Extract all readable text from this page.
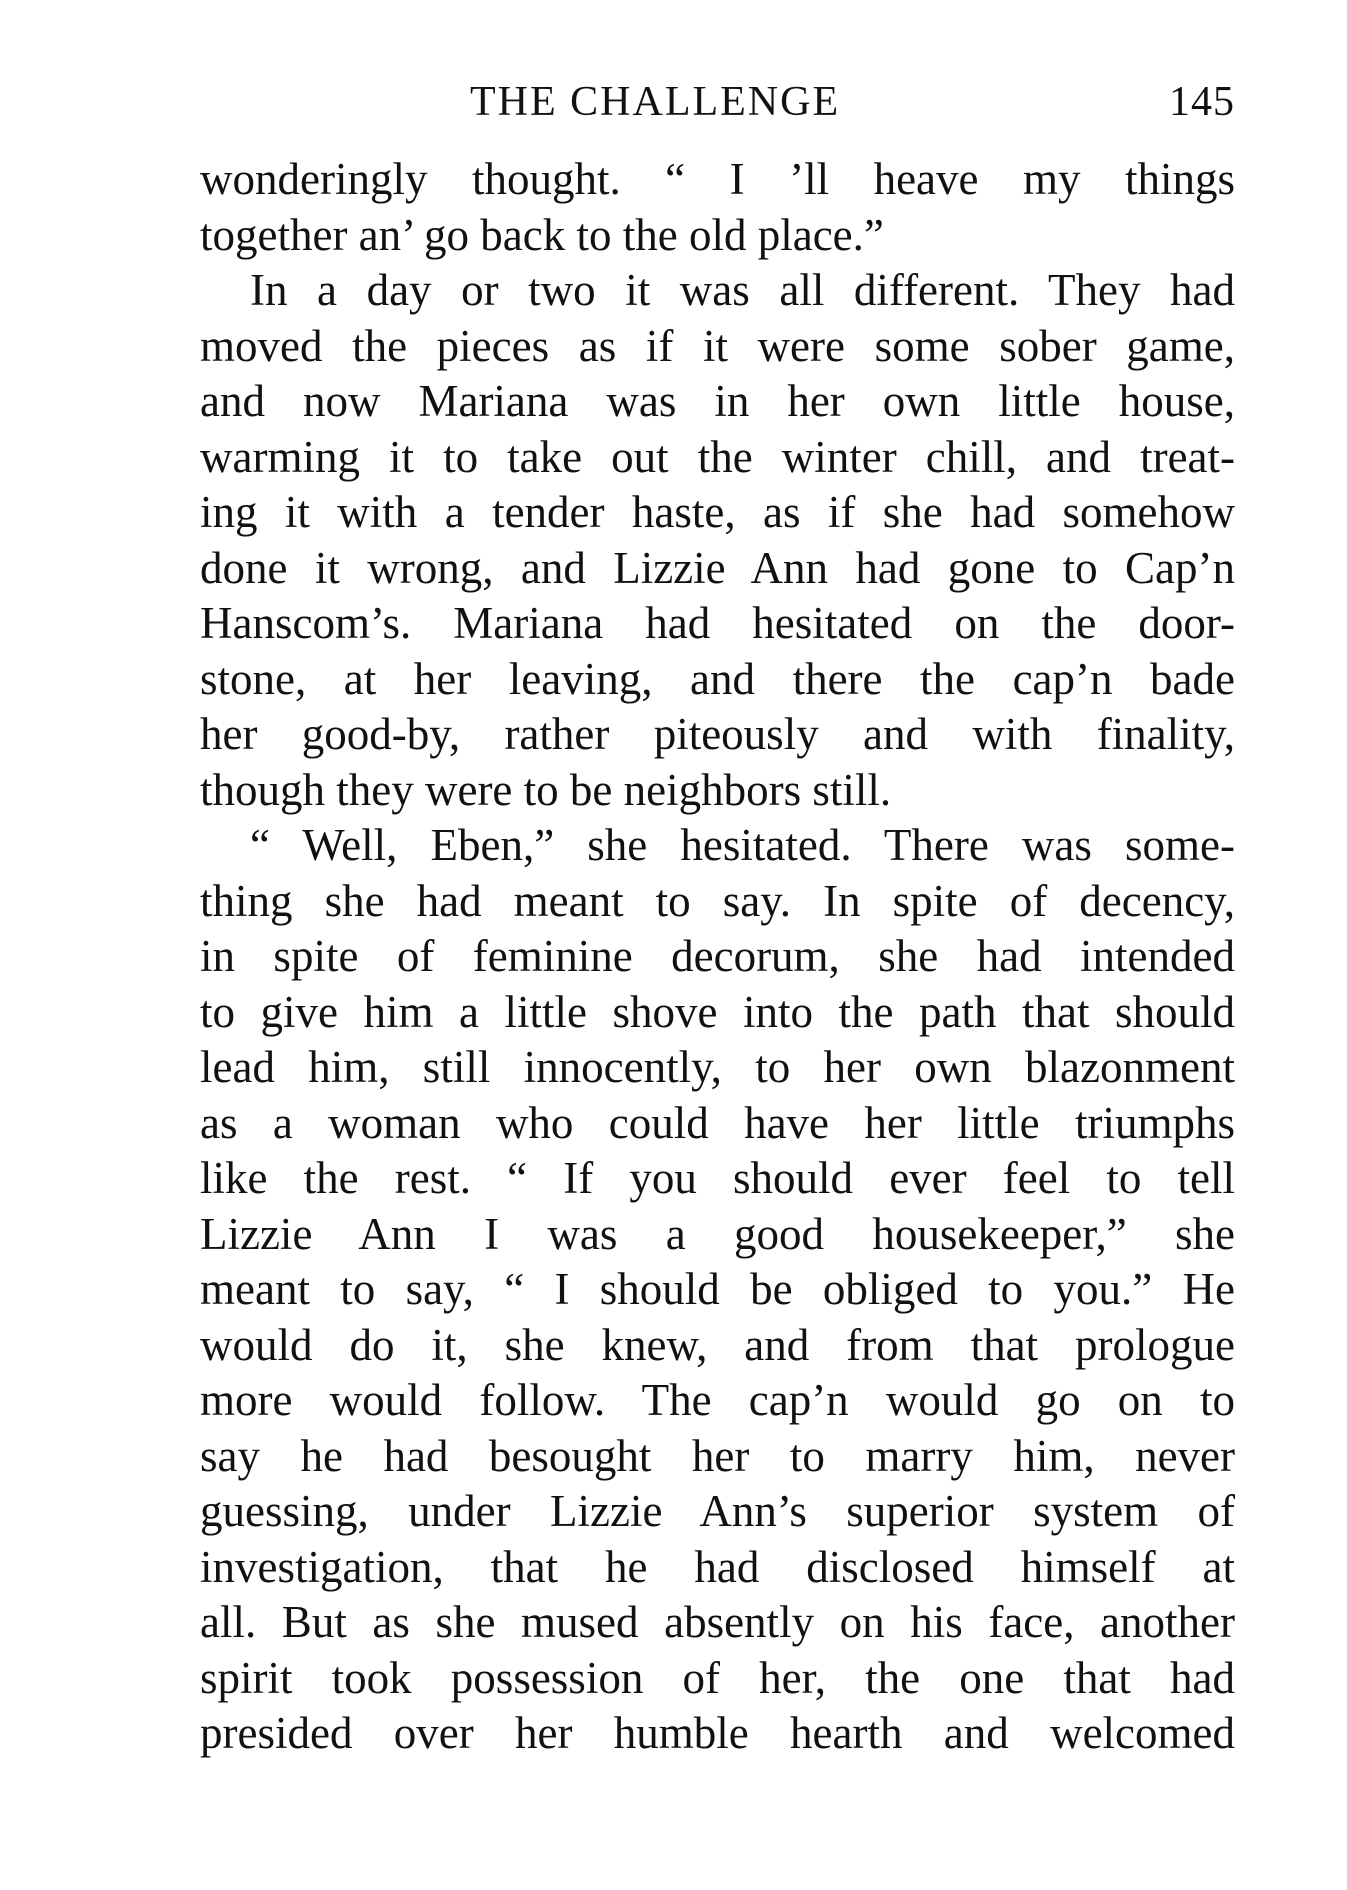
THE CHALLENGE	145
wonderingly thought. “ I ’ll heave my things
together an’ go back to the old place.”
In a day or two it was all different. They had
moved the pieces as if it were some sober game,
and now Mariana was in her own little house,
warming it to take out the winter chill, and treat-
ing it with a tender haste, as if she had somehow
done it wrong, and Lizzie Ann had gone to Cap’n
Hanscom’s. Mariana had hesitated on the door-
stone, at her leaving, and there the cap’n bade
her good-by, rather piteously and with finality,
though they were to be neighbors still.
“ Well, Eben,” she hesitated. There was some-
thing she had meant to say. In spite of decency,
in spite of feminine decorum, she had intended
to give him a little shove into the path that should
lead him, still innocently, to her own blazonment
as a woman who could have her little triumphs
like the rest. “ If you should ever feel to tell
Lizzie Ann I was a good housekeeper,” she
meant to say, “ I should be obliged to you.” He
would do it, she knew, and from that prologue
more would follow. The cap’n would go on to
say he had besought her to marry him, never
guessing, under Lizzie Ann’s superior system of
investigation, that he had disclosed himself at
all. But as she mused absently on his face, another
spirit took possession of her, the one that had
presided over her humble hearth and welcomed
